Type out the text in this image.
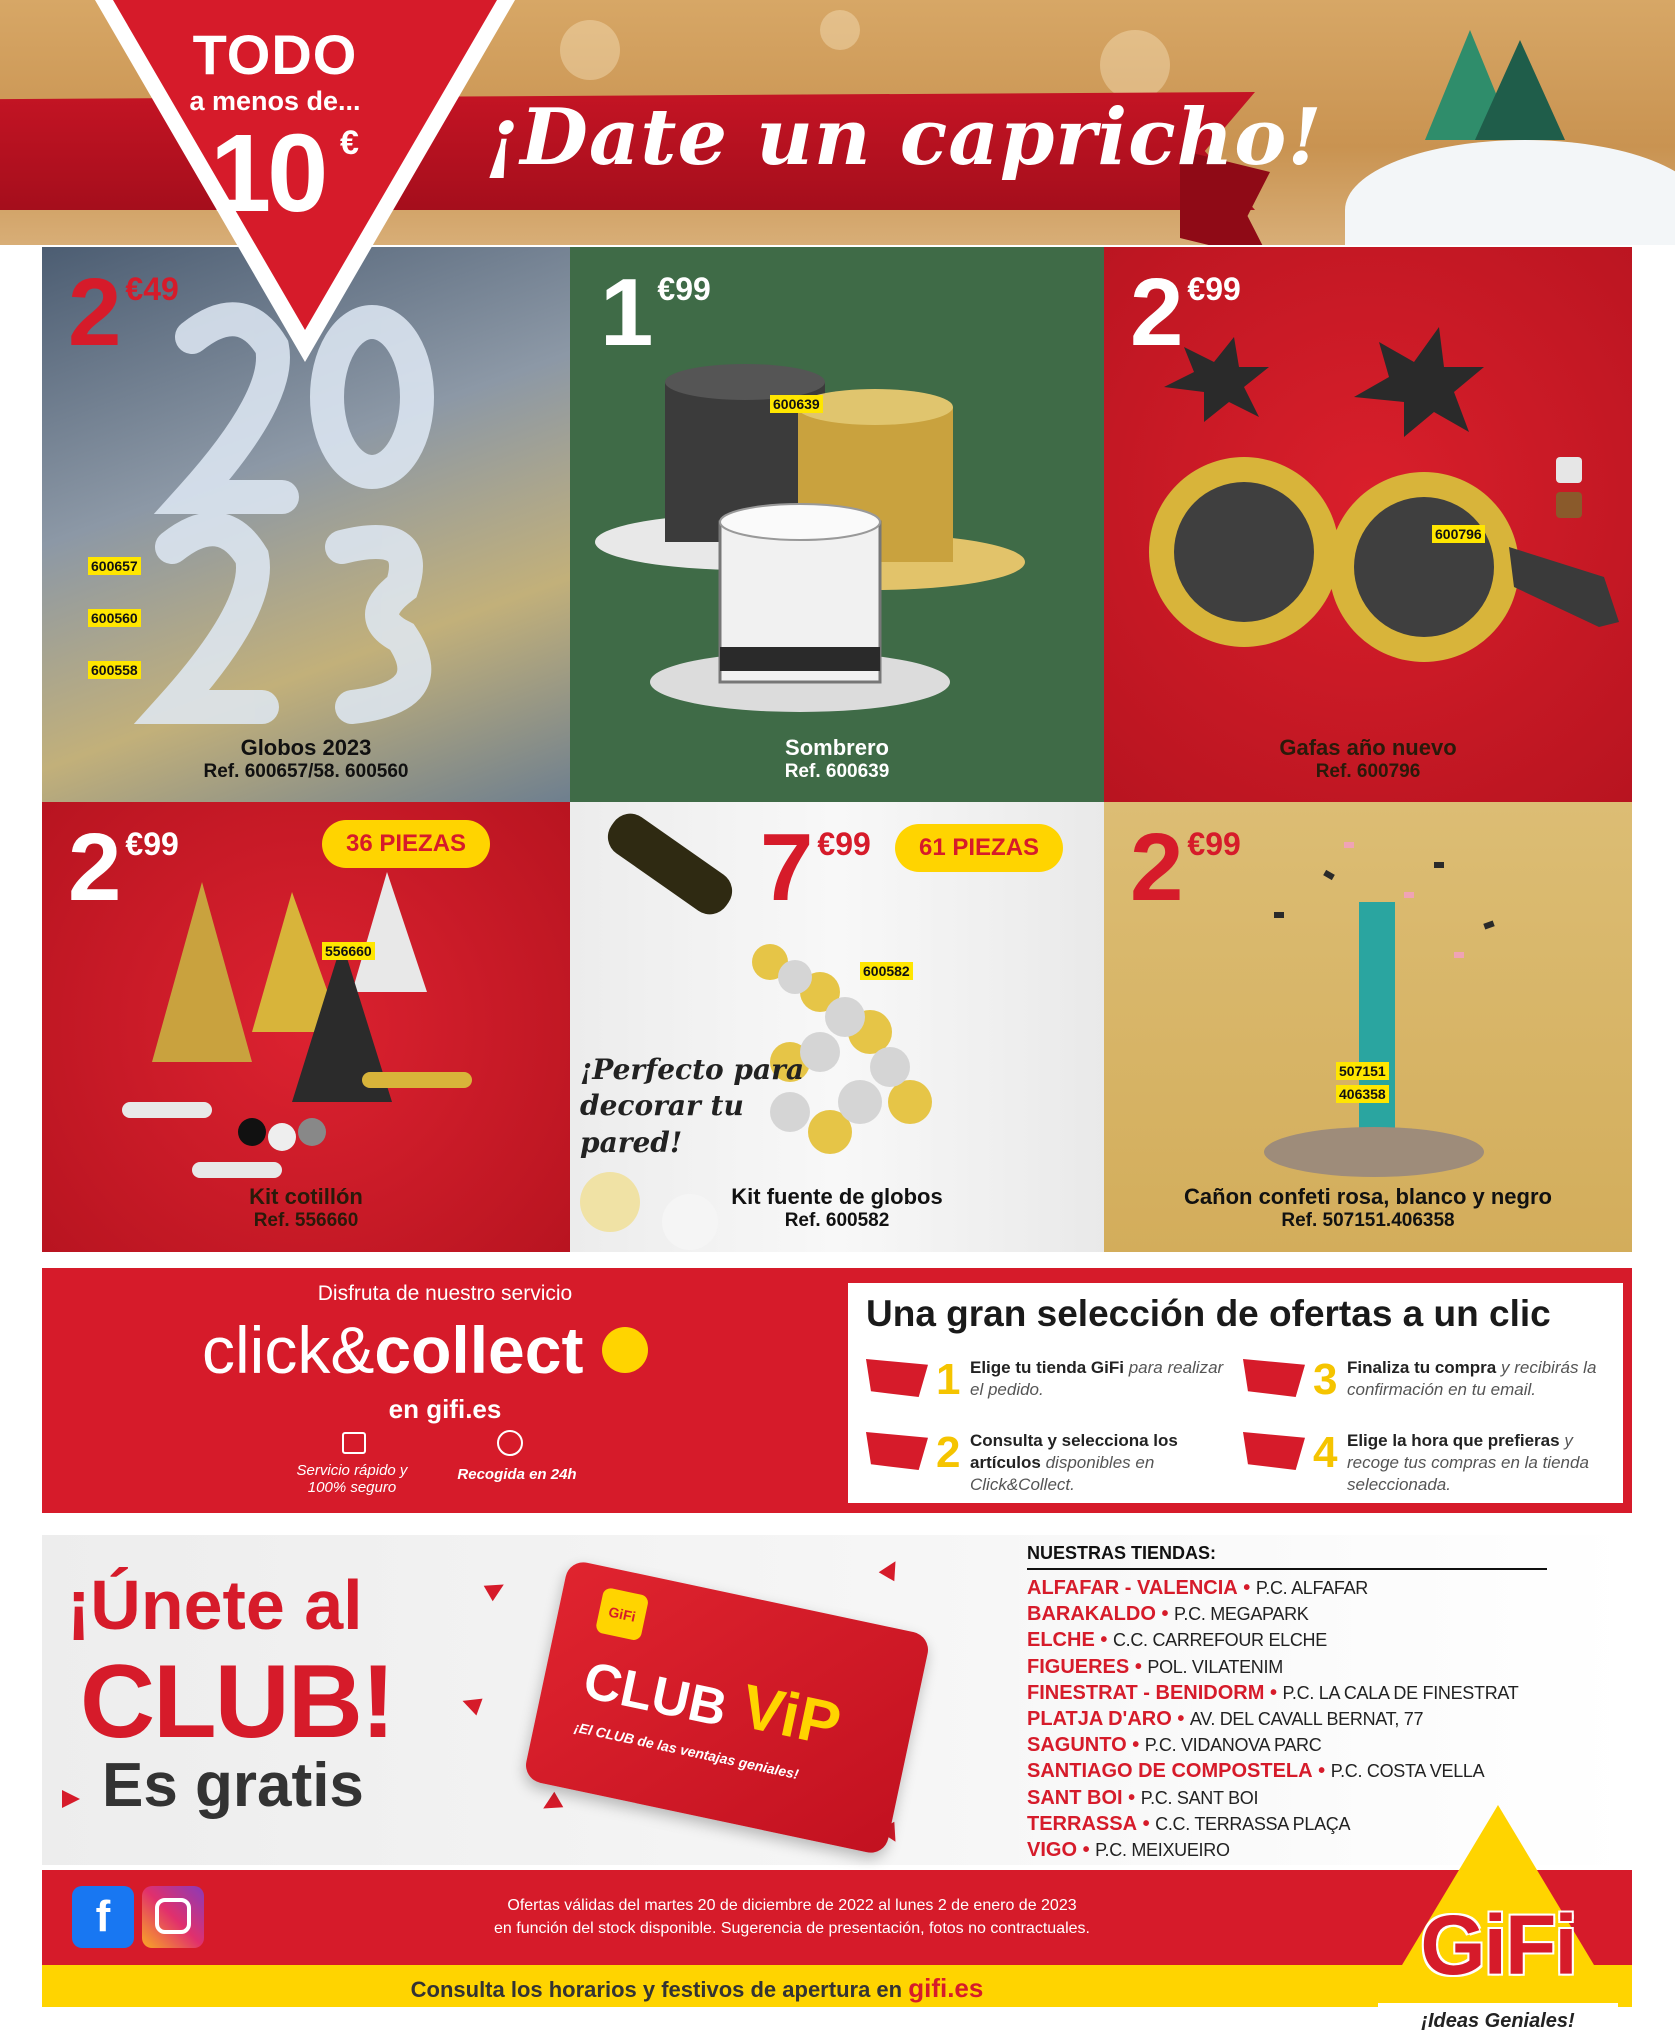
¡Date un capricho!
TODO
a menos de...
10 €
2 $^{€49}$
600657
600560
600558
Globos 2023
Ref. 600657/58. 600560
1 $^{€99}$
600639
Sombrero
Ref. 600639
2 $^{€99}$
600796
Gafas año nuevo
Ref. 600796
2 $^{€99}$	36 PIEZAS
556660
Kit cotillón
Ref. 556660
7 $^{€99}$	61 PIEZAS
600582
¡Perfecto para decorar tu pared!
Kit fuente de globos
Ref. 600582
2 $^{€99}$
507151
406358
Cañon confeti rosa, blanco y negro
Ref. 507151.406358
Disfruta de nuestro servicio
click&collect
en gifi.es
Servicio rápido y 100% seguro
Recogida en 24h
Una gran selección de ofertas a un clic
1 Elige tu tienda GiFi para realizar el pedido.
2 Consulta y selecciona los artículos disponibles en Click&Collect.
3 Finaliza tu compra y recibirás la confirmación en tu email.
4 Elige la hora que prefieras y recoge tus compras en la tienda seleccionada.
¡Únete al
CLUB!
Es gratis
GiFi
CLUB ViP
¡El CLUB de las ventajas geniales!
NUESTRAS TIENDAS:
ALFAFAR - VALENCIA • P.C. ALFAFAR
BARAKALDO • P.C. MEGAPARK
ELCHE • C.C. CARREFOUR ELCHE
FIGUERES • POL. VILATENIM
FINESTRAT - BENIDORM • P.C. LA CALA DE FINESTRAT
PLATJA D'ARO • AV. DEL CAVALL BERNAT, 77
SAGUNTO • P.C. VIDANOVA PARC
SANTIAGO DE COMPOSTELA • P.C. COSTA VELLA
SANT BOI • P.C. SANT BOI
TERRASSA • C.C. TERRASSA PLAÇA
VIGO • P.C. MEIXUEIRO
f	Ofertas válidas del martes 20 de diciembre de 2022 al lunes 2 de enero de 2023
en función del stock disponible. Sugerencia de presentación, fotos no contractuales.
Consulta los horarios y festivos de apertura en gifi.es	GiFi
¡Ideas Geniales!
